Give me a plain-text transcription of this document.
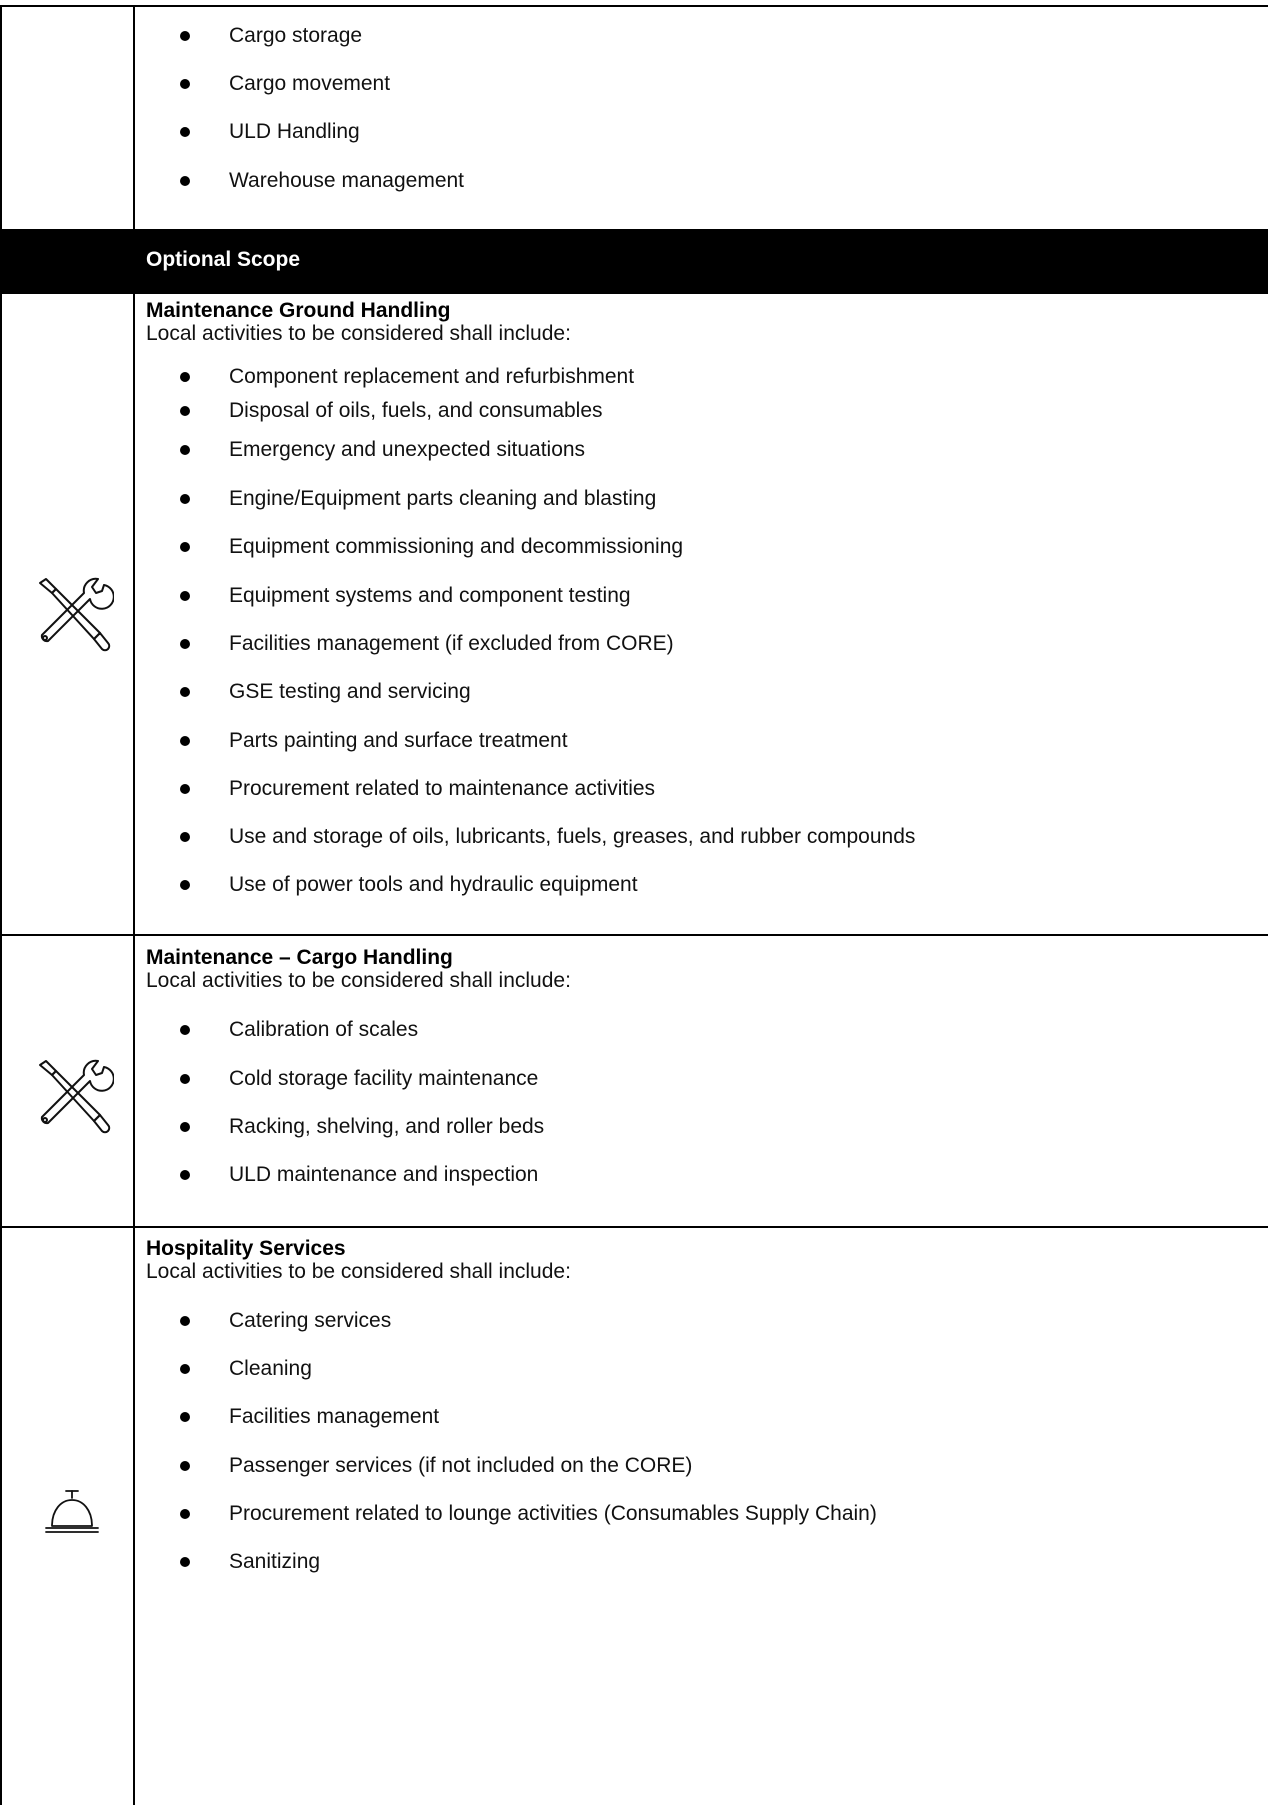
Cargo storage
Cargo movement
ULD Handling
Warehouse management
Optional Scope
Maintenance Ground Handling
Local activities to be considered shall include:
Component replacement and refurbishment
Disposal of oils, fuels, and consumables
Emergency and unexpected situations
Engine/Equipment parts cleaning and blasting
Equipment commissioning and decommissioning
Equipment systems and component testing
Facilities management (if excluded from CORE)
GSE testing and servicing
Parts painting and surface treatment
Procurement related to maintenance activities
Use and storage of oils, lubricants, fuels, greases, and rubber compounds
Use of power tools and hydraulic equipment
Maintenance – Cargo Handling
Local activities to be considered shall include:
Calibration of scales
Cold storage facility maintenance
Racking, shelving, and roller beds
ULD maintenance and inspection
Hospitality Services
Local activities to be considered shall include:
Catering services
Cleaning
Facilities management
Passenger services (if not included on the CORE)
Procurement related to lounge activities (Consumables Supply Chain)
Sanitizing
